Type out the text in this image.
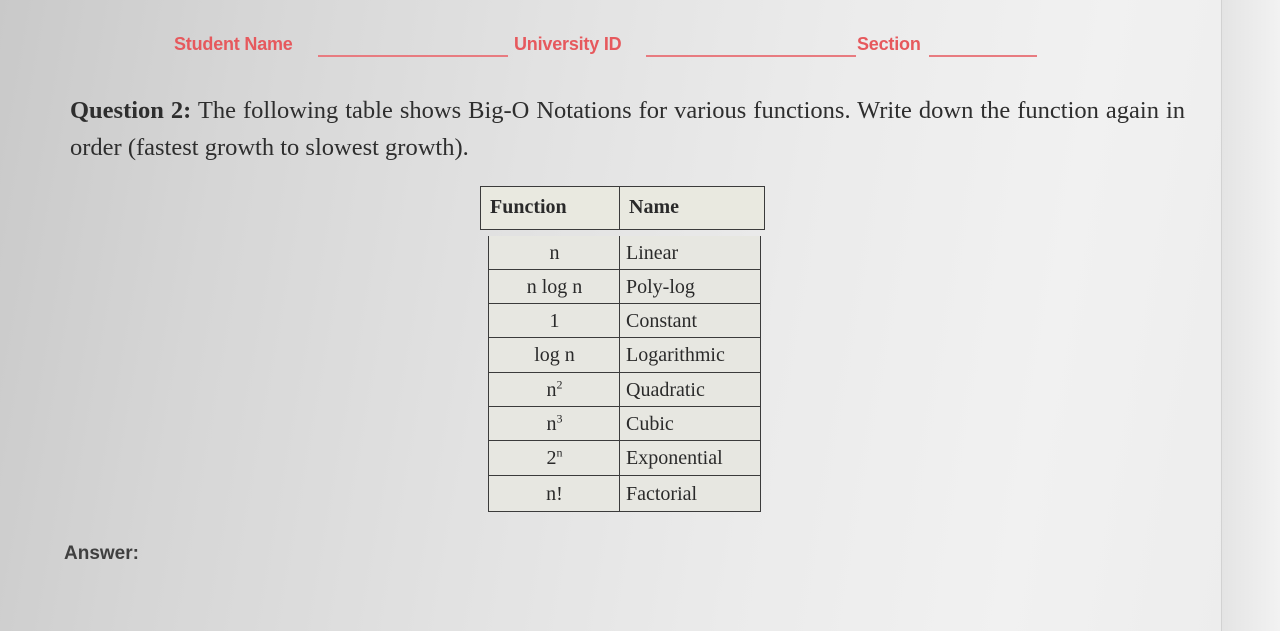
Student Name	University ID	Section
Question 2: The following table shows Big-O Notations for various functions. Write down the function again in order (fastest growth to slowest growth).
Function	Name
n	Linear
n log n	Poly-log
1	Constant
log n	Logarithmic
$n^2$	Quadratic
$n^3$	Cubic
2$^n$	Exponential
n!	Factorial
Answer:
